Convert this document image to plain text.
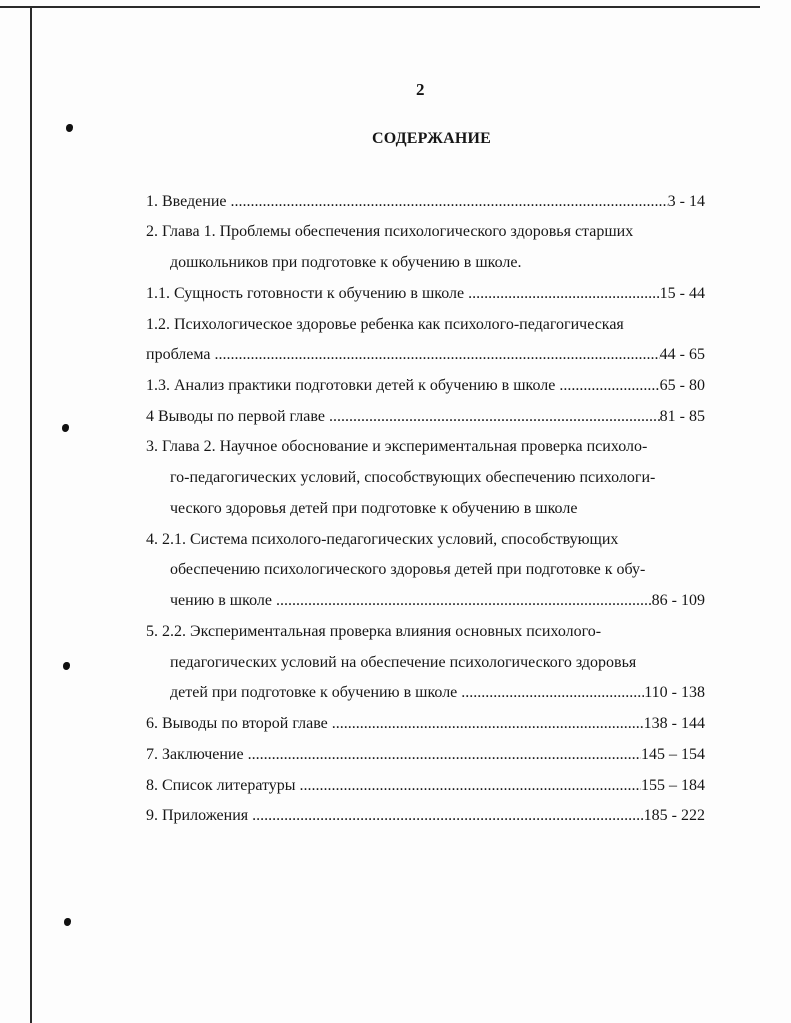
2
СОДЕРЖАНИЕ
1. Введение .....	3 - 14
2. Глава 1. Проблемы обеспечения психологического здоровья старших
дошкольников при подготовке к обучению в школе.
1.1. Сущность готовности к обучению в школе .....	15 - 44
1.2. Психологическое здоровье ребенка как психолого-педагогическая
проблема .....	44 - 65
1.3. Анализ практики подготовки детей к обучению в школе .....	65 - 80
4 Выводы по первой главе .....	81 - 85
3. Глава 2. Научное обоснование и экспериментальная проверка психоло-
го-педагогических условий, способствующих обеспечению психологи-
ческого здоровья детей при подготовке к обучению в школе
4. 2.1. Система психолого-педагогических условий, способствующих
обеспечению психологического здоровья детей при подготовке к обу-
чению в школе .....	86 - 109
5. 2.2. Экспериментальная проверка влияния основных психолого-
педагогических условий на обеспечение психологического здоровья
детей при подготовке к обучению в школе .....	110 - 138
6. Выводы по второй главе .....	138 - 144
7. Заключение .....	145 – 154
8. Список литературы .....	155 – 184
9. Приложения .....	185 - 222
